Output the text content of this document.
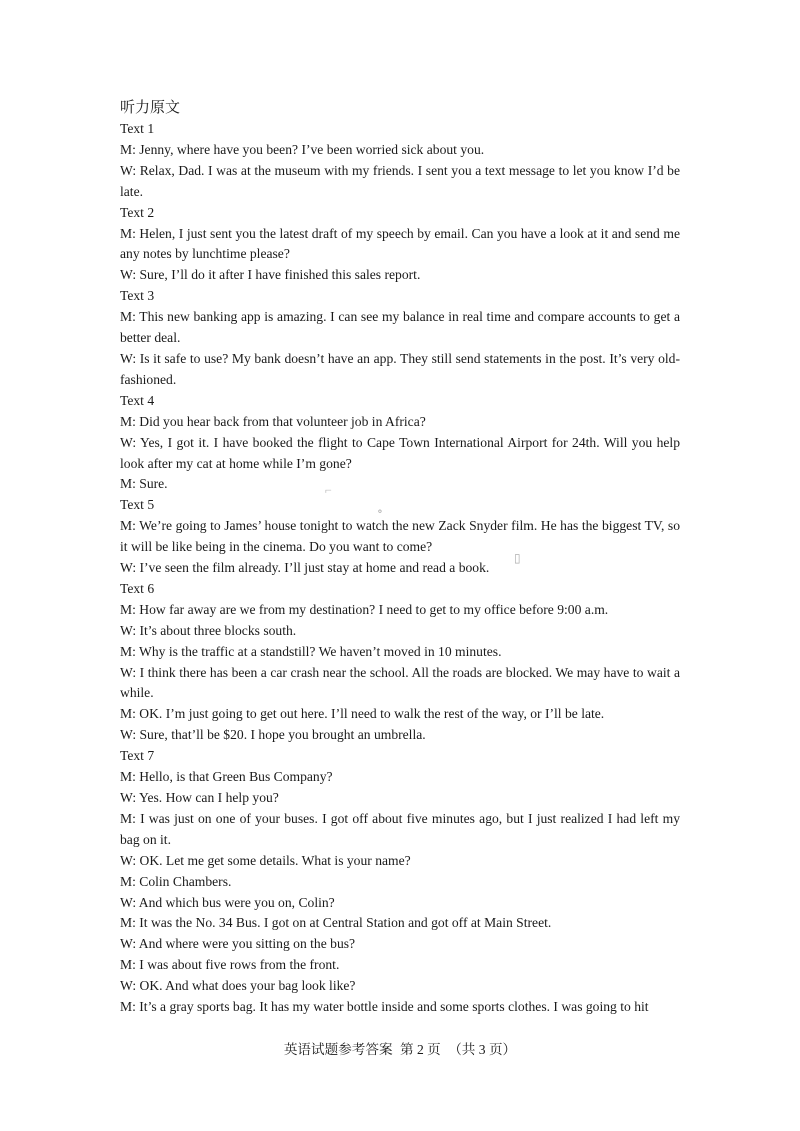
听力原文
Text 1
M: Jenny, where have you been? I’ve been worried sick about you.
W: Relax, Dad. I was at the museum with my friends. I sent you a text message to let you know I’d be late.
Text 2
M: Helen, I just sent you the latest draft of my speech by email. Can you have a look at it and send me any notes by lunchtime please?
W: Sure, I’ll do it after I have finished this sales report.
Text 3
M: This new banking app is amazing. I can see my balance in real time and compare accounts to get a better deal.
W: Is it safe to use? My bank doesn’t have an app. They still send statements in the post. It’s very old-fashioned.
Text 4
M: Did you hear back from that volunteer job in Africa?
W: Yes, I got it. I have booked the flight to Cape Town International Airport for 24th. Will you help look after my cat at home while I’m gone?
M: Sure.
Text 5
M: We’re going to James’ house tonight to watch the new Zack Snyder film. He has the biggest TV, so it will be like being in the cinema. Do you want to come?
W: I’ve seen the film already. I’ll just stay at home and read a book.
Text 6
M: How far away are we from my destination? I need to get to my office before 9:00 a.m.
W: It’s about three blocks south.
M: Why is the traffic at a standstill? We haven’t moved in 10 minutes.
W: I think there has been a car crash near the school. All the roads are blocked. We may have to wait a while.
M: OK. I’m just going to get out here. I’ll need to walk the rest of the way, or I’ll be late.
W: Sure, that’ll be $20. I hope you brought an umbrella.
Text 7
M: Hello, is that Green Bus Company?
W: Yes. How can I help you?
M: I was just on one of your buses. I got off about five minutes ago, but I just realized I had left my bag on it.
W: OK. Let me get some details. What is your name?
M: Colin Chambers.
W: And which bus were you on, Colin?
M: It was the No. 34 Bus. I got on at Central Station and got off at Main Street.
W: And where were you sitting on the bus?
M: I was about five rows from the front.
W: OK. And what does your bag look like?
M: It’s a gray sports bag. It has my water bottle inside and some sports clothes. I was going to hit
⌐
∘
▯
英语试题参考答案 第 2 页 （共 3 页）
